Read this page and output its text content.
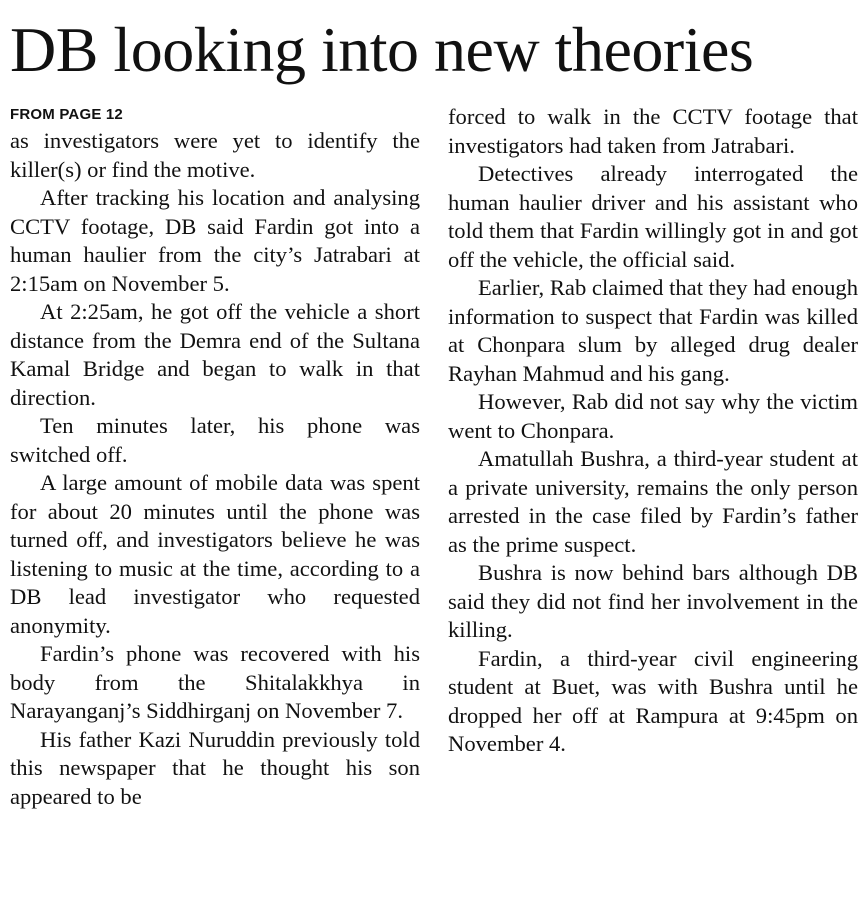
DB looking into new theories
FROM PAGE 12

as investigators were yet to identify the killer(s) or find the motive.

After tracking his location and analysing CCTV footage, DB said Fardin got into a human haulier from the city’s Jatrabari at 2:15am on November 5.

At 2:25am, he got off the vehicle a short distance from the Demra end of the Sultana Kamal Bridge and began to walk in that direction.

Ten minutes later, his phone was switched off.

A large amount of mobile data was spent for about 20 minutes until the phone was turned off, and investigators believe he was listening to music at the time, according to a DB lead investigator who requested anonymity.

Fardin’s phone was recovered with his body from the Shitalakkhya in Narayanganj’s Siddhirganj on November 7.

His father Kazi Nuruddin previously told this newspaper that he thought his son appeared to be

forced to walk in the CCTV footage that investigators had taken from Jatrabari.

Detectives already interrogated the human haulier driver and his assistant who told them that Fardin willingly got in and got off the vehicle, the official said.

Earlier, Rab claimed that they had enough information to suspect that Fardin was killed at Chonpara slum by alleged drug dealer Rayhan Mahmud and his gang.

However, Rab did not say why the victim went to Chonpara.

Amatullah Bushra, a third-year student at a private university, remains the only person arrested in the case filed by Fardin’s father as the prime suspect.

Bushra is now behind bars although DB said they did not find her involvement in the killing.

Fardin, a third-year civil engineering student at Buet, was with Bushra until he dropped her off at Rampura at 9:45pm on November 4.
